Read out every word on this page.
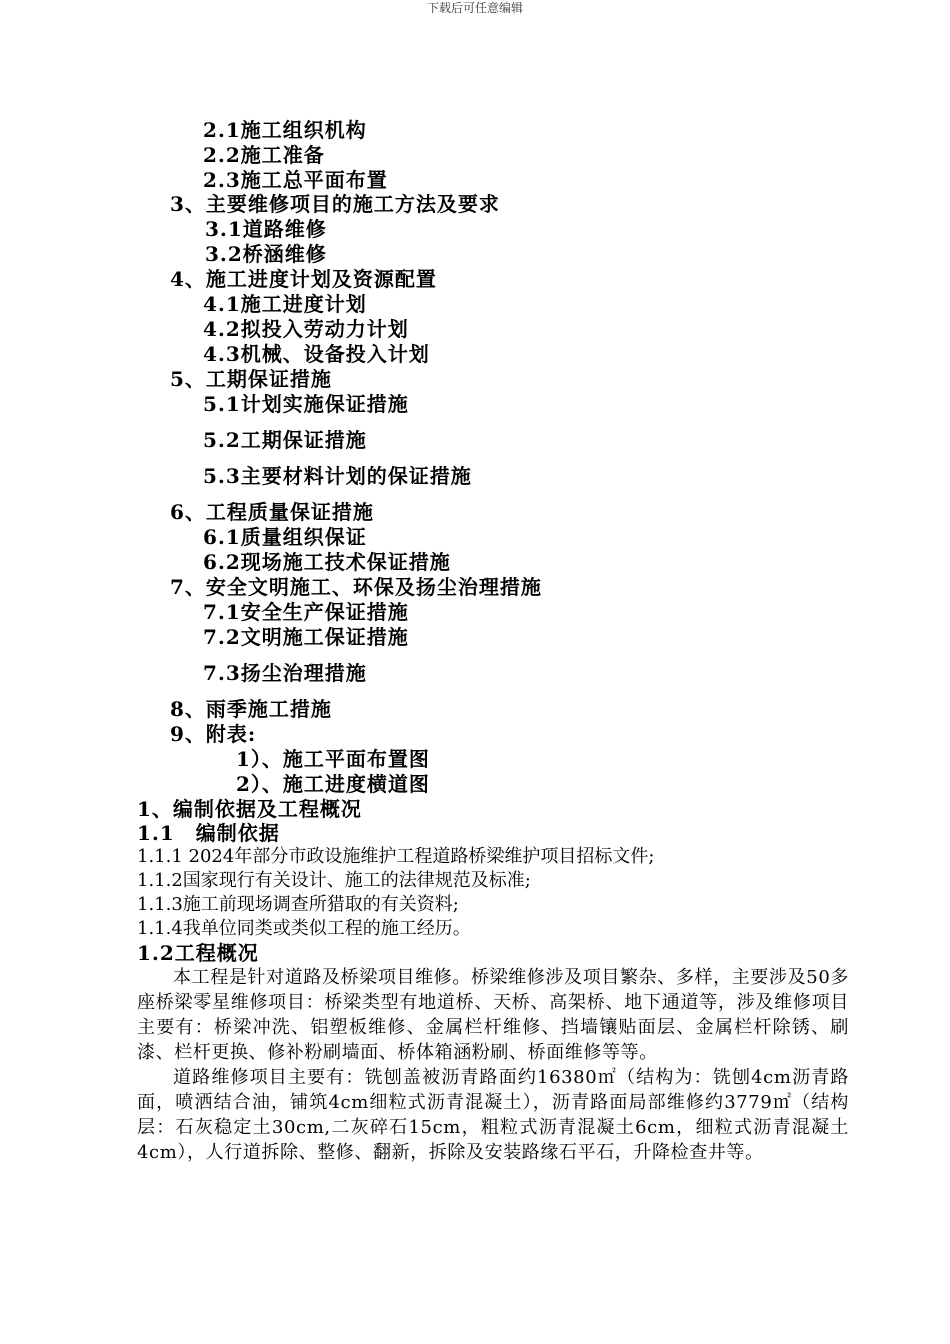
下载后可任意编辑
2.1施工组织机构
2.2施工准备
2.3施工总平面布置
3、主要维修项目的施工方法及要求
3.1道路维修
3.2桥涵维修
4、施工进度计划及资源配置
4.1施工进度计划
4.2拟投入劳动力计划
4.3机械、设备投入计划
5、工期保证措施
5.1计划实施保证措施
5.2工期保证措施
5.3主要材料计划的保证措施
6、工程质量保证措施
6.1质量组织保证
6.2现场施工技术保证措施
7、安全文明施工、环保及扬尘治理措施
7.1安全生产保证措施
7.2文明施工保证措施
7.3扬尘治理措施
8、雨季施工措施
9、附表:
1）、施工平面布置图
2）、施工进度横道图
1、编制依据及工程概况
1.1　编制依据
1.1.1 2024年部分市政设施维护工程道路桥梁维护项目招标文件;
1.1.2国家现行有关设计、施工的法律规范及标准;
1.1.3施工前现场调查所猎取的有关资料;
1.1.4我单位同类或类似工程的施工经历。
1.2工程概况

本工程是针对道路及桥梁项目维修。桥梁维修涉及项目繁杂、多样，主要涉及50多座桥梁零星维修项目：桥梁类型有地道桥、天桥、高架桥、地下通道等，涉及维修项目主要有：桥梁冲洗、铝塑板维修、金属栏杆维修、挡墙镶贴面层、金属栏杆除锈、刷漆、栏杆更换、修补粉刷墙面、桥体箱涵粉刷、桥面维修等等。

道路维修项目主要有：铣刨盖被沥青路面约16380㎡（结构为：铣刨4cm沥青路面，喷洒结合油，铺筑4cm细粒式沥青混凝土），沥青路面局部维修约3779㎡（结构层：石灰稳定土30cm,二灰碎石15cm，粗粒式沥青混凝土6cm，细粒式沥青混凝土4cm），人行道拆除、整修、翻新，拆除及安装路缘石平石，升降检查井等。
